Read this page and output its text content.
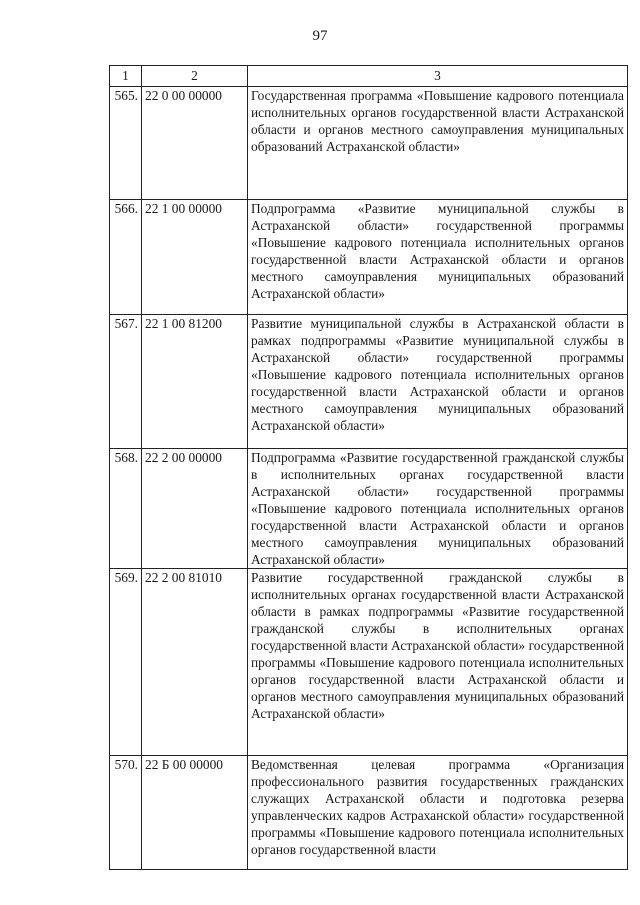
97
1	2	3
565.	22 0 00 00000	Государственная программа «Повышение кадрового потенциала исполнительных органов государственной власти Астраханской области и органов местного самоуправления муниципальных образований Астраханской области»
566.	22 1 00 00000	Подпрограмма «Развитие муниципальной службы в Астраханской области» государственной программы «Повышение кадрового потенциала исполнительных органов государственной власти Астраханской области и органов местного самоуправления муниципальных образований Астраханской области»
567.	22 1 00 81200	Развитие муниципальной службы в Астраханской области в рамках подпрограммы «Развитие муниципальной службы в Астраханской области» государственной программы «Повышение кадрового потенциала исполнительных органов государственной власти Астраханской области и органов местного самоуправления муниципальных образований Астраханской области»
568.	22 2 00 00000	Подпрограмма «Развитие государственной гражданской службы в исполнительных органах государственной власти Астраханской области» государственной программы «Повышение кадрового потенциала исполнительных органов государственной власти Астраханской области и органов местного самоуправления муниципальных образований Астраханской области»
569.	22 2 00 81010	Развитие государственной гражданской службы в исполнительных органах государственной власти Астраханской области в рамках подпрограммы «Развитие государственной гражданской службы в исполнительных органах государственной власти Астраханской области» государственной программы «Повышение кадрового потенциала исполнительных органов государственной власти Астраханской области и органов местного самоуправления муниципальных образований Астраханской области»
570.	22 Б 00 00000	Ведомственная целевая программа «Организация профессионального развития государственных гражданских служащих Астраханской области и подготовка резерва управленческих кадров Астраханской области» государственной программы «Повышение кадрового потенциала исполнительных органов государственной власти
